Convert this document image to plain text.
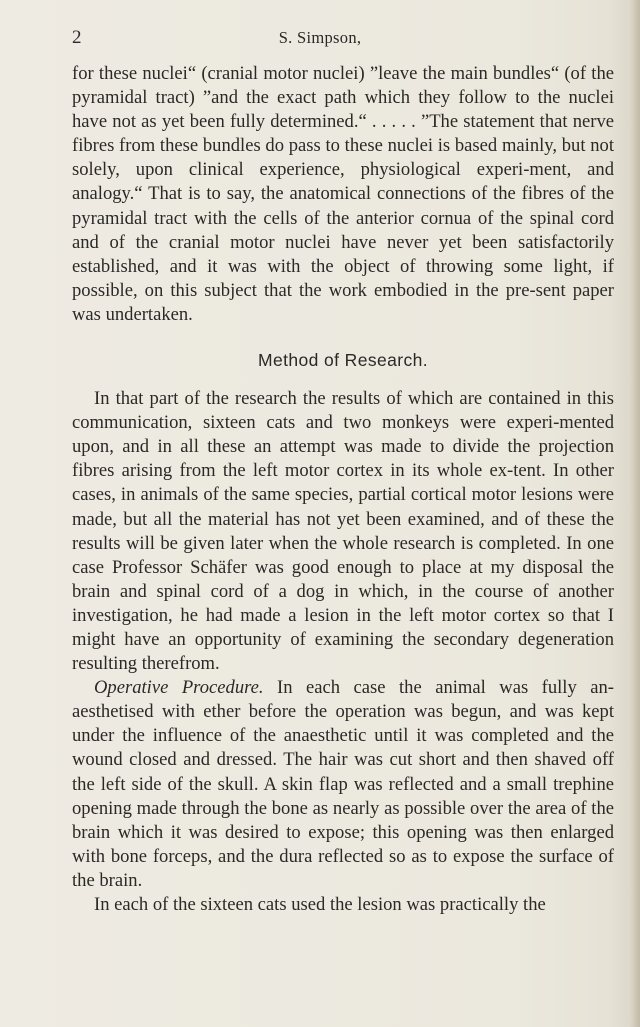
2	S. Simpson,

for these nuclei“ (cranial motor nuclei) ”leave the main bundles“ (of the pyramidal tract) ”and the exact path which they follow to the nuclei have not as yet been fully determined.“ . . . . . ”The statement that nerve fibres from these bundles do pass to these nuclei is based mainly, but not solely, upon clinical experience, physiological experi-ment, and analogy.“ That is to say, the anatomical connections of the fibres of the pyramidal tract with the cells of the anterior cornua of the spinal cord and of the cranial motor nuclei have never yet been satisfactorily established, and it was with the object of throwing some light, if possible, on this subject that the work embodied in the pre-sent paper was undertaken.

Method of Research.

In that part of the research the results of which are contained in this communication, sixteen cats and two monkeys were experi-mented upon, and in all these an attempt was made to divide the projection fibres arising from the left motor cortex in its whole ex-tent. In other cases, in animals of the same species, partial cortical motor lesions were made, but all the material has not yet been examined, and of these the results will be given later when the whole research is completed. In one case Professor Schäfer was good enough to place at my disposal the brain and spinal cord of a dog in which, in the course of another investigation, he had made a lesion in the left motor cortex so that I might have an opportunity of examining the secondary degeneration resulting therefrom.

Operative Procedure. In each case the animal was fully an-aesthetised with ether before the operation was begun, and was kept under the influence of the anaesthetic until it was completed and the wound closed and dressed. The hair was cut short and then shaved off the left side of the skull. A skin flap was reflected and a small trephine opening made through the bone as nearly as possible over the area of the brain which it was desired to expose; this opening was then enlarged with bone forceps, and the dura reflected so as to expose the surface of the brain.

In each of the sixteen cats used the lesion was practically the
